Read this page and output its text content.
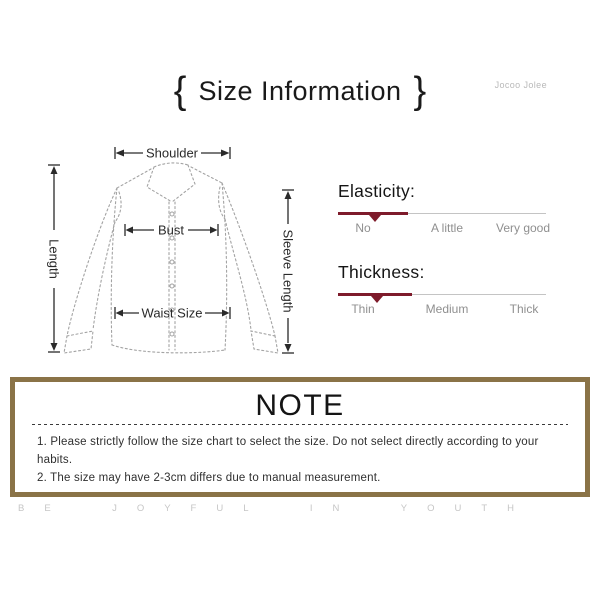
{ Size Information }	Jocoo Jolee
Shoulder
Bust
Waist Size
Length	Sleeve Length
Elasticity:
No	A little	Very good
Thickness:
Thin	Medium	Thick
NOTE
1. Please strictly follow the size chart to select the size. Do not select directly according to your habits.
2. The size may have 2-3cm differs due to manual measurement.
BE	JOYFUL	IN	YOUTH
